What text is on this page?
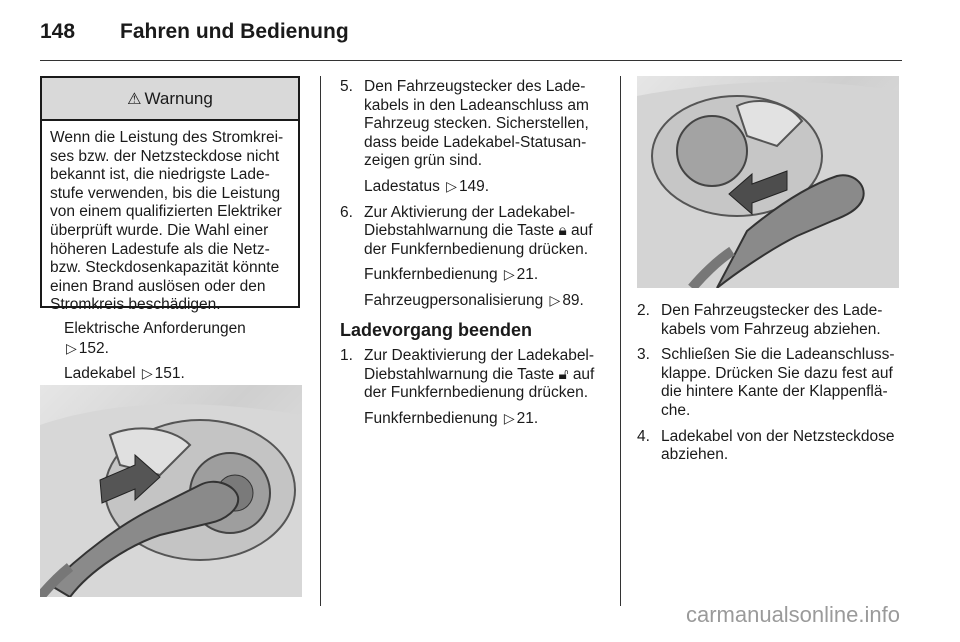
148 Fahren und Bedienung
⚠ Warnung
Wenn die Leistung des Stromkreises bzw. der Netzsteckdose nicht bekannt ist, die niedrigste Ladestufe verwenden, bis die Leistung von einem qualifizierten Elektriker überprüft wurde. Die Wahl einer höheren Ladestufe als die Netzbzw. Steckdosenkapazität könnte einen Brand auslösen oder den Stromkreis beschädigen.
Elektrische Anforderungen
▷ 152.
Ladekabel ▷ 151.
5. Den Fahrzeugstecker des Ladekabels in den Ladeanschluss am Fahrzeug stecken. Sicherstellen, dass beide Ladekabel-Statusanzeigen grün sind.
Ladestatus ▷ 149.
6. Zur Aktivierung der Ladekabel-Diebstahlwarnung die Taste 🔒︎ auf der Funkfernbedienung drücken.
Funkfernbedienung ▷ 21.
Fahrzeugpersonalisierung ▷ 89.
Ladevorgang beenden
1. Zur Deaktivierung der Ladekabel-Diebstahlwarnung die Taste 🔓︎ auf der Funkfernbedienung drücken.
Funkfernbedienung ▷ 21.
2. Den Fahrzeugstecker des Ladekabels vom Fahrzeug abziehen.
3. Schließen Sie die Ladeanschlussklappe. Drücken Sie dazu fest auf die hintere Kante der Klappenfläche.
4. Ladekabel von der Netzsteckdose abziehen.
carmanualsonline.info
